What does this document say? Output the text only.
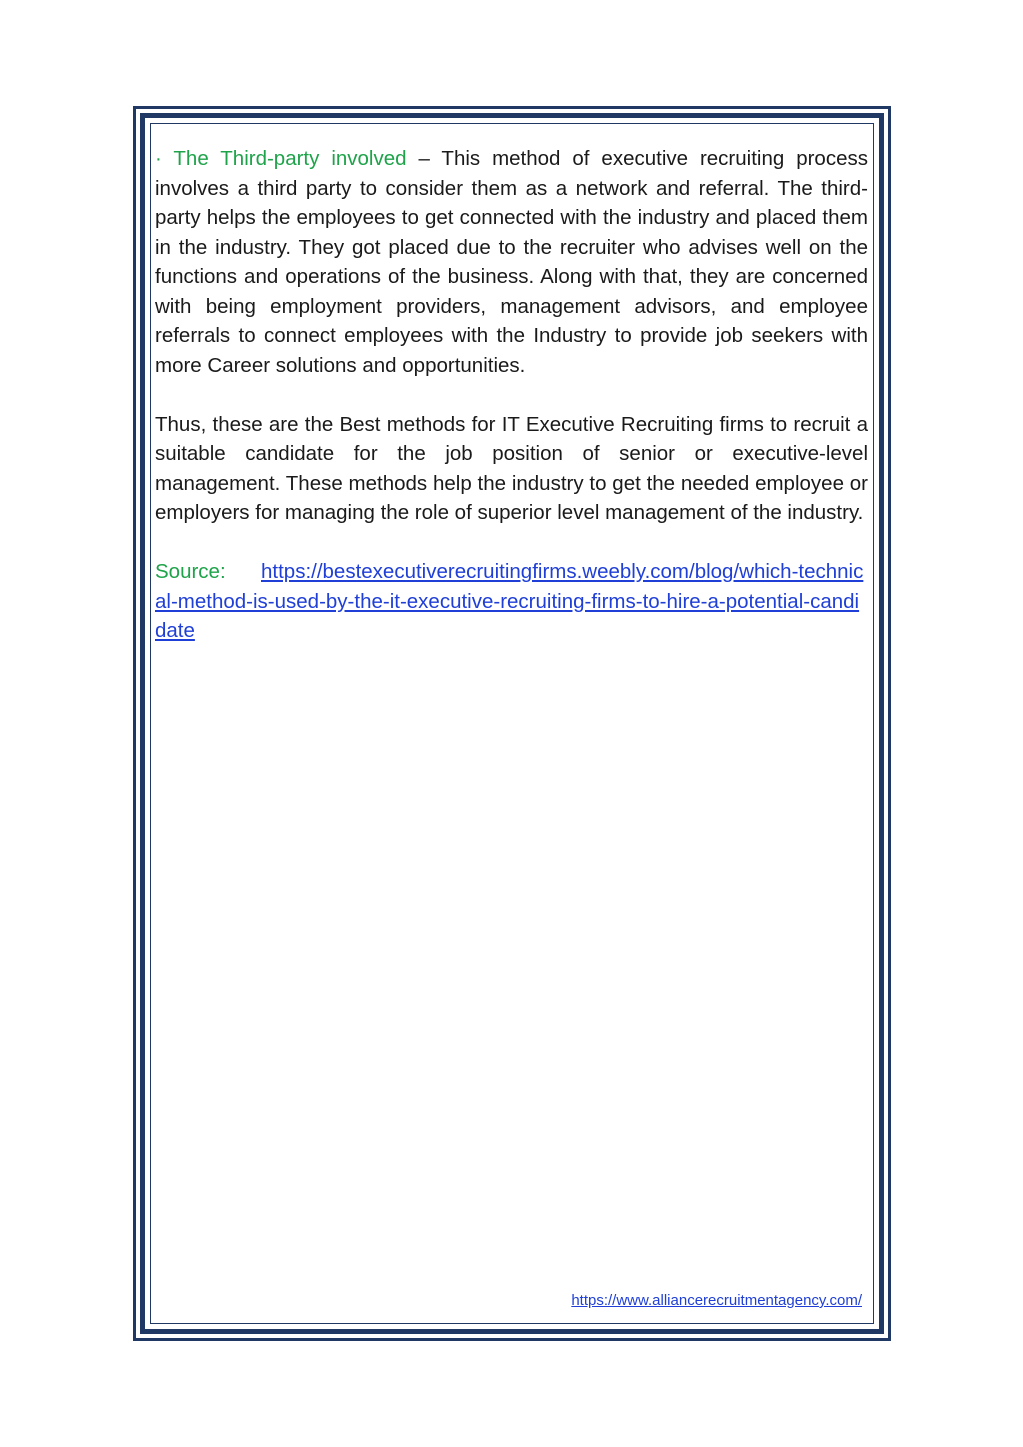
· The Third-party involved – This method of executive recruiting process involves a third party to consider them as a network and referral. The third-party helps the employees to get connected with the industry and placed them in the industry. They got placed due to the recruiter who advises well on the functions and operations of the business. Along with that, they are concerned with being employment providers, management advisors, and employee referrals to connect employees with the Industry to provide job seekers with more Career solutions and opportunities.

Thus, these are the Best methods for IT Executive Recruiting firms to recruit a suitable candidate for the job position of senior or executive-level management. These methods help the industry to get the needed employee or employers for managing the role of superior level management of the industry.

Source: https://bestexecutiverecruitingfirms.weebly.com/blog/which-technical-method-is-used-by-the-it-executive-recruiting-firms-to-hire-a-potential-candidate

https://www.alliancerecruitmentagency.com/
